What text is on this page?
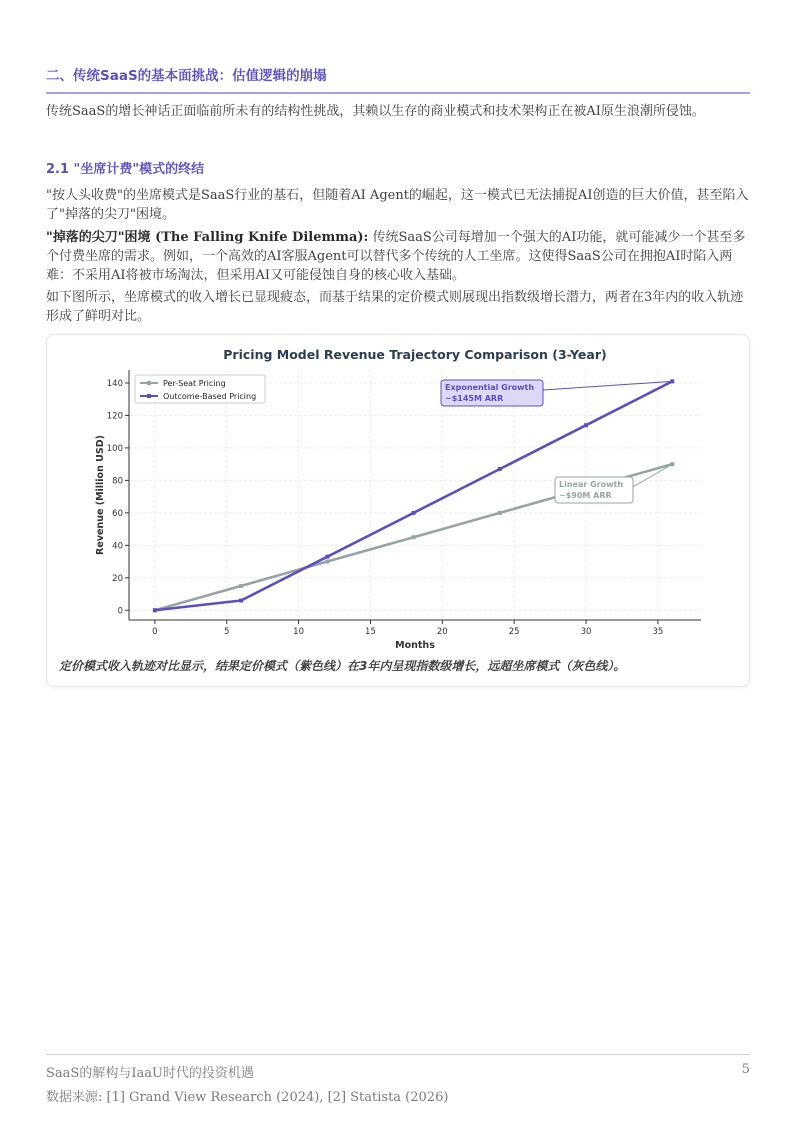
二、传统SaaS的基本面挑战：估值逻辑的崩塌
传统SaaS的增长神话正面临前所未有的结构性挑战，其赖以生存的商业模式和技术架构正在被AI原生浪潮所侵蚀。
2.1 "坐席计费"模式的终结
"按人头收费"的坐席模式是SaaS行业的基石，但随着AI Agent的崛起，这一模式已无法捕捉AI创造的巨大价值，甚至陷入了"掉落的尖刀"困境。
"掉落的尖刀"困境 (The Falling Knife Dilemma): 传统SaaS公司每增加一个强大的AI功能，就可能减少一个甚至多个付费坐席的需求。例如，一个高效的AI客服Agent可以替代多个传统的人工坐席。这使得SaaS公司在拥抱AI时陷入两难：不采用AI将被市场淘汰，但采用AI又可能侵蚀自身的核心收入基础。
如下图所示，坐席模式的收入增长已显现疲态，而基于结果的定价模式则展现出指数级增长潜力，两者在3年内的收入轨迹形成了鲜明对比。
Pricing Model Revenue Trajectory Comparison (3-Year)
0	5	10	15	20	25	30	35
0
20
40
60
80
100
120
140
Months
Revenue (Million USD)
Exponential Growth
~$145M ARR
Linear Growth
~$90M ARR
Per-Seat Pricing
Outcome-Based Pricing
定价模式收入轨迹对比显示，结果定价模式（紫色线）在3年内呈现指数级增长，远超坐席模式（灰色线）。
SaaS的解构与IaaU时代的投资机遇	5
数据来源: [1] Grand View Research (2024), [2] Statista (2026)
